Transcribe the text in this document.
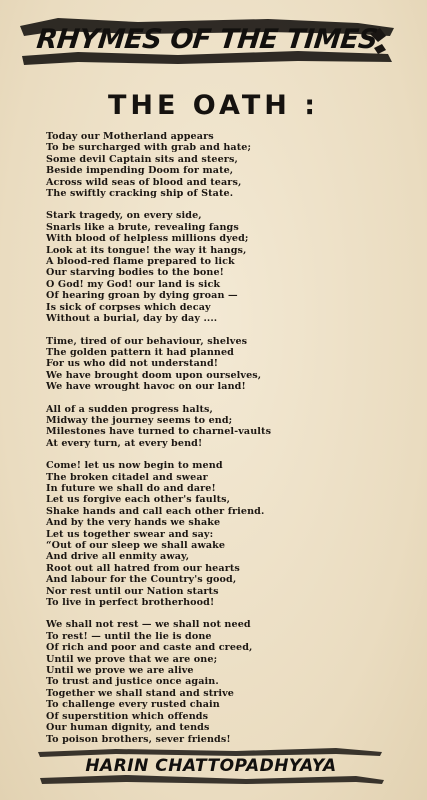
RHYMES OF THE TIMES
THE OATH :
Today our Motherland appears
To be surcharged with grab and hate;
Some devil Captain sits and steers,
Beside impending Doom for mate,
Across wild seas of blood and tears,
The swiftly cracking ship of State.
Stark tragedy, on every side,
Snarls like a brute, revealing fangs
With blood of helpless millions dyed;
Look at its tongue! the way it hangs,
A blood-red flame prepared to lick
Our starving bodies to the bone!
O God! my God! our land is sick
Of hearing groan by dying groan —
Is sick of corpses which decay
Without a burial, day by day ....
Time, tired of our behaviour, shelves
The golden pattern it had planned
For us who did not understand!
We have brought doom upon ourselves,
We have wrought havoc on our land!
All of a sudden progress halts,
Midway the journey seems to end;
Milestones have turned to charnel-vaults
At every turn, at every bend!
Come! let us now begin to mend
The broken citadel and swear
In future we shall do and dare!
Let us forgive each other's faults,
Shake hands and call each other friend.
And by the very hands we shake
Let us together swear and say:
“Out of our sleep we shall awake
And drive all enmity away,
Root out all hatred from our hearts
And labour for the Country's good,
Nor rest until our Nation starts
To live in perfect brotherhood!
We shall not rest — we shall not need
To rest! — until the lie is done
Of rich and poor and caste and creed,
Until we prove that we are one;
Until we prove we are alive
To trust and justice once again.
Together we shall stand and strive
To challenge every rusted chain
Of superstition which offends
Our human dignity, and tends
To poison brothers, sever friends!
HARIN CHATTOPADHYAYA
